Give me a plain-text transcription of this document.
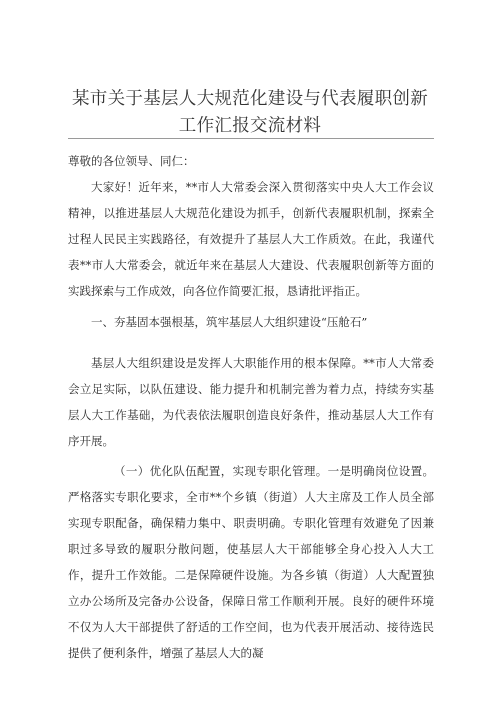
某市关于基层人大规范化建设与代表履职创新
工作汇报交流材料

尊敬的各位领导、同仁：

大家好！近年来，**市人大常委会深入贯彻落实中央人大工作会议精神，以推进基层人大规范化建设为抓手，创新代表履职机制，探索全过程人民民主实践路径，有效提升了基层人大工作质效。在此，我谨代表**市人大常委会，就近年来在基层人大建设、代表履职创新等方面的实践探索与工作成效，向各位作简要汇报，恳请批评指正。

一、夯基固本强根基，筑牢基层人大组织建设“压舱石”

基层人大组织建设是发挥人大职能作用的根本保障。**市人大常委会立足实际，以队伍建设、能力提升和机制完善为着力点，持续夯实基层人大工作基础，为代表依法履职创造良好条件，推动基层人大工作有序开展。

（一）优化队伍配置，实现专职化管理。一是明确岗位设置。严格落实专职化要求，全市**个乡镇（街道）人大主席及工作人员全部实现专职配备，确保精力集中、职责明确。专职化管理有效避免了因兼职过多导致的履职分散问题，使基层人大干部能够全身心投入人大工作，提升工作效能。二是保障硬件设施。为各乡镇（街道）人大配置独立办公场所及完备办公设备，保障日常工作顺利开展。良好的硬件环境不仅为人大干部提供了舒适的工作空间，也为代表开展活动、接待选民提供了便利条件，增强了基层人大的凝
